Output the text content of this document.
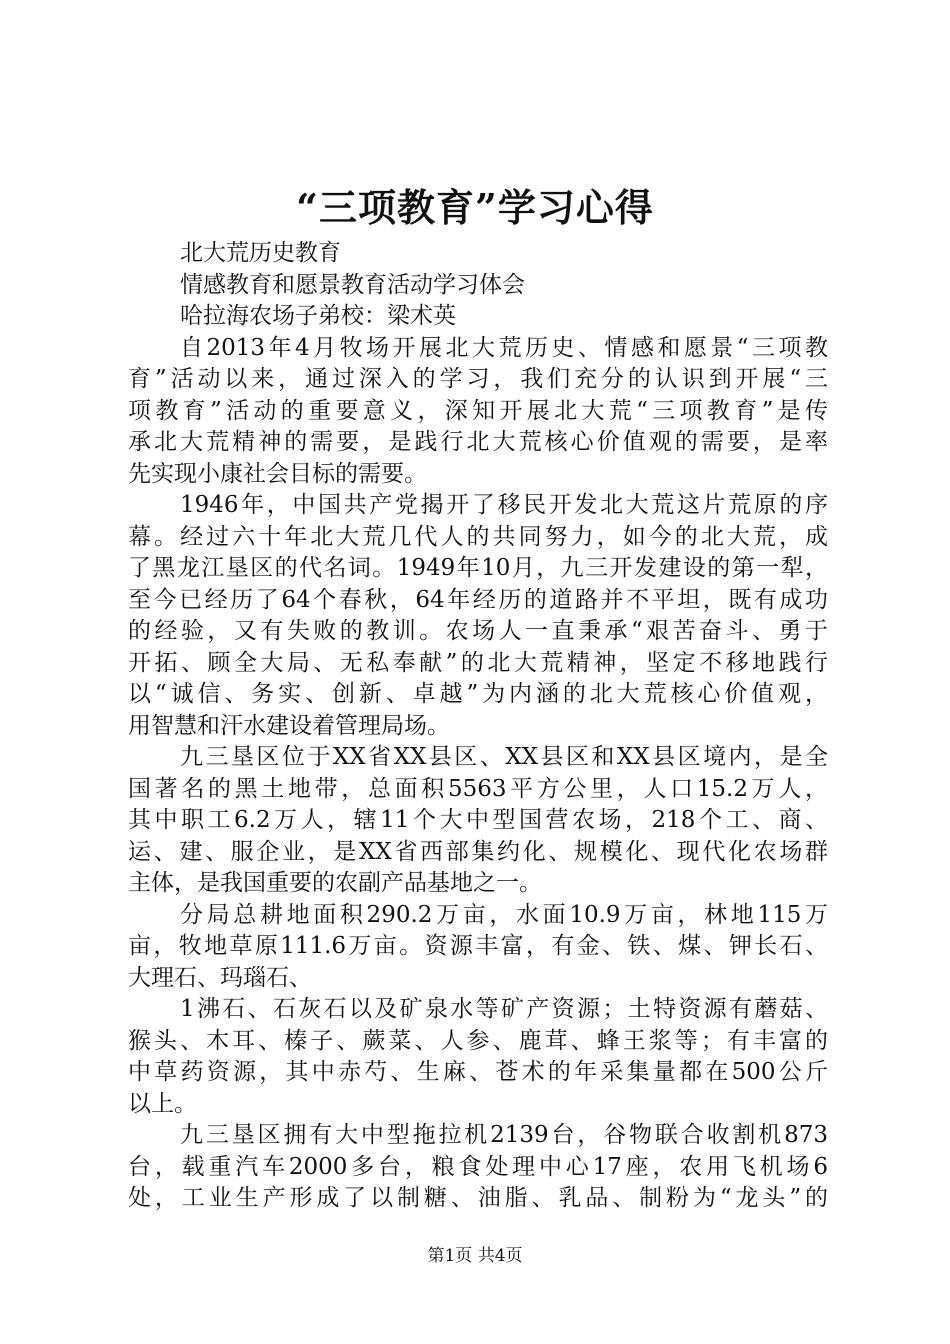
“三项教育”学习心得
北大荒历史教育
情感教育和愿景教育活动学习体会
哈拉海农场子弟校：梁术英
自2013年4月牧场开展北大荒历史、情感和愿景“三项教
育”活动以来，通过深入的学习，我们充分的认识到开展“三
项教育”活动的重要意义，深知开展北大荒“三项教育”是传
承北大荒精神的需要，是践行北大荒核心价值观的需要，是率
先实现小康社会目标的需要。
1946年，中国共产党揭开了移民开发北大荒这片荒原的序
幕。经过六十年北大荒几代人的共同努力，如今的北大荒，成
了黑龙江垦区的代名词。1949年10月，九三开发建设的第一犁，
至今已经历了64个春秋，64年经历的道路并不平坦，既有成功
的经验，又有失败的教训。农场人一直秉承“艰苦奋斗、勇于
开拓、顾全大局、无私奉献”的北大荒精神，坚定不移地践行
以“诚信、务实、创新、卓越”为内涵的北大荒核心价值观，
用智慧和汗水建设着管理局场。
九三垦区位于XX省XX县区、XX县区和XX县区境内，是全
国著名的黑土地带，总面积5563平方公里，人口15.2万人，
其中职工6.2万人，辖11个大中型国营农场，218个工、商、
运、建、服企业，是XX省西部集约化、规模化、现代化农场群
主体，是我国重要的农副产品基地之一。
分局总耕地面积290.2万亩，水面10.9万亩，林地115万
亩，牧地草原111.6万亩。资源丰富，有金、铁、煤、钾长石、
大理石、玛瑙石、
1沸石、石灰石以及矿泉水等矿产资源；土特资源有蘑菇、
猴头、木耳、榛子、蕨菜、人参、鹿茸、蜂王浆等；有丰富的
中草药资源，其中赤芍、生麻、苍术的年采集量都在500公斤
以上。
九三垦区拥有大中型拖拉机2139台，谷物联合收割机873
台，载重汽车2000多台，粮食处理中心17座，农用飞机场6
处，工业生产形成了以制糖、油脂、乳品、制粉为“龙头”的
第1页 共4页
